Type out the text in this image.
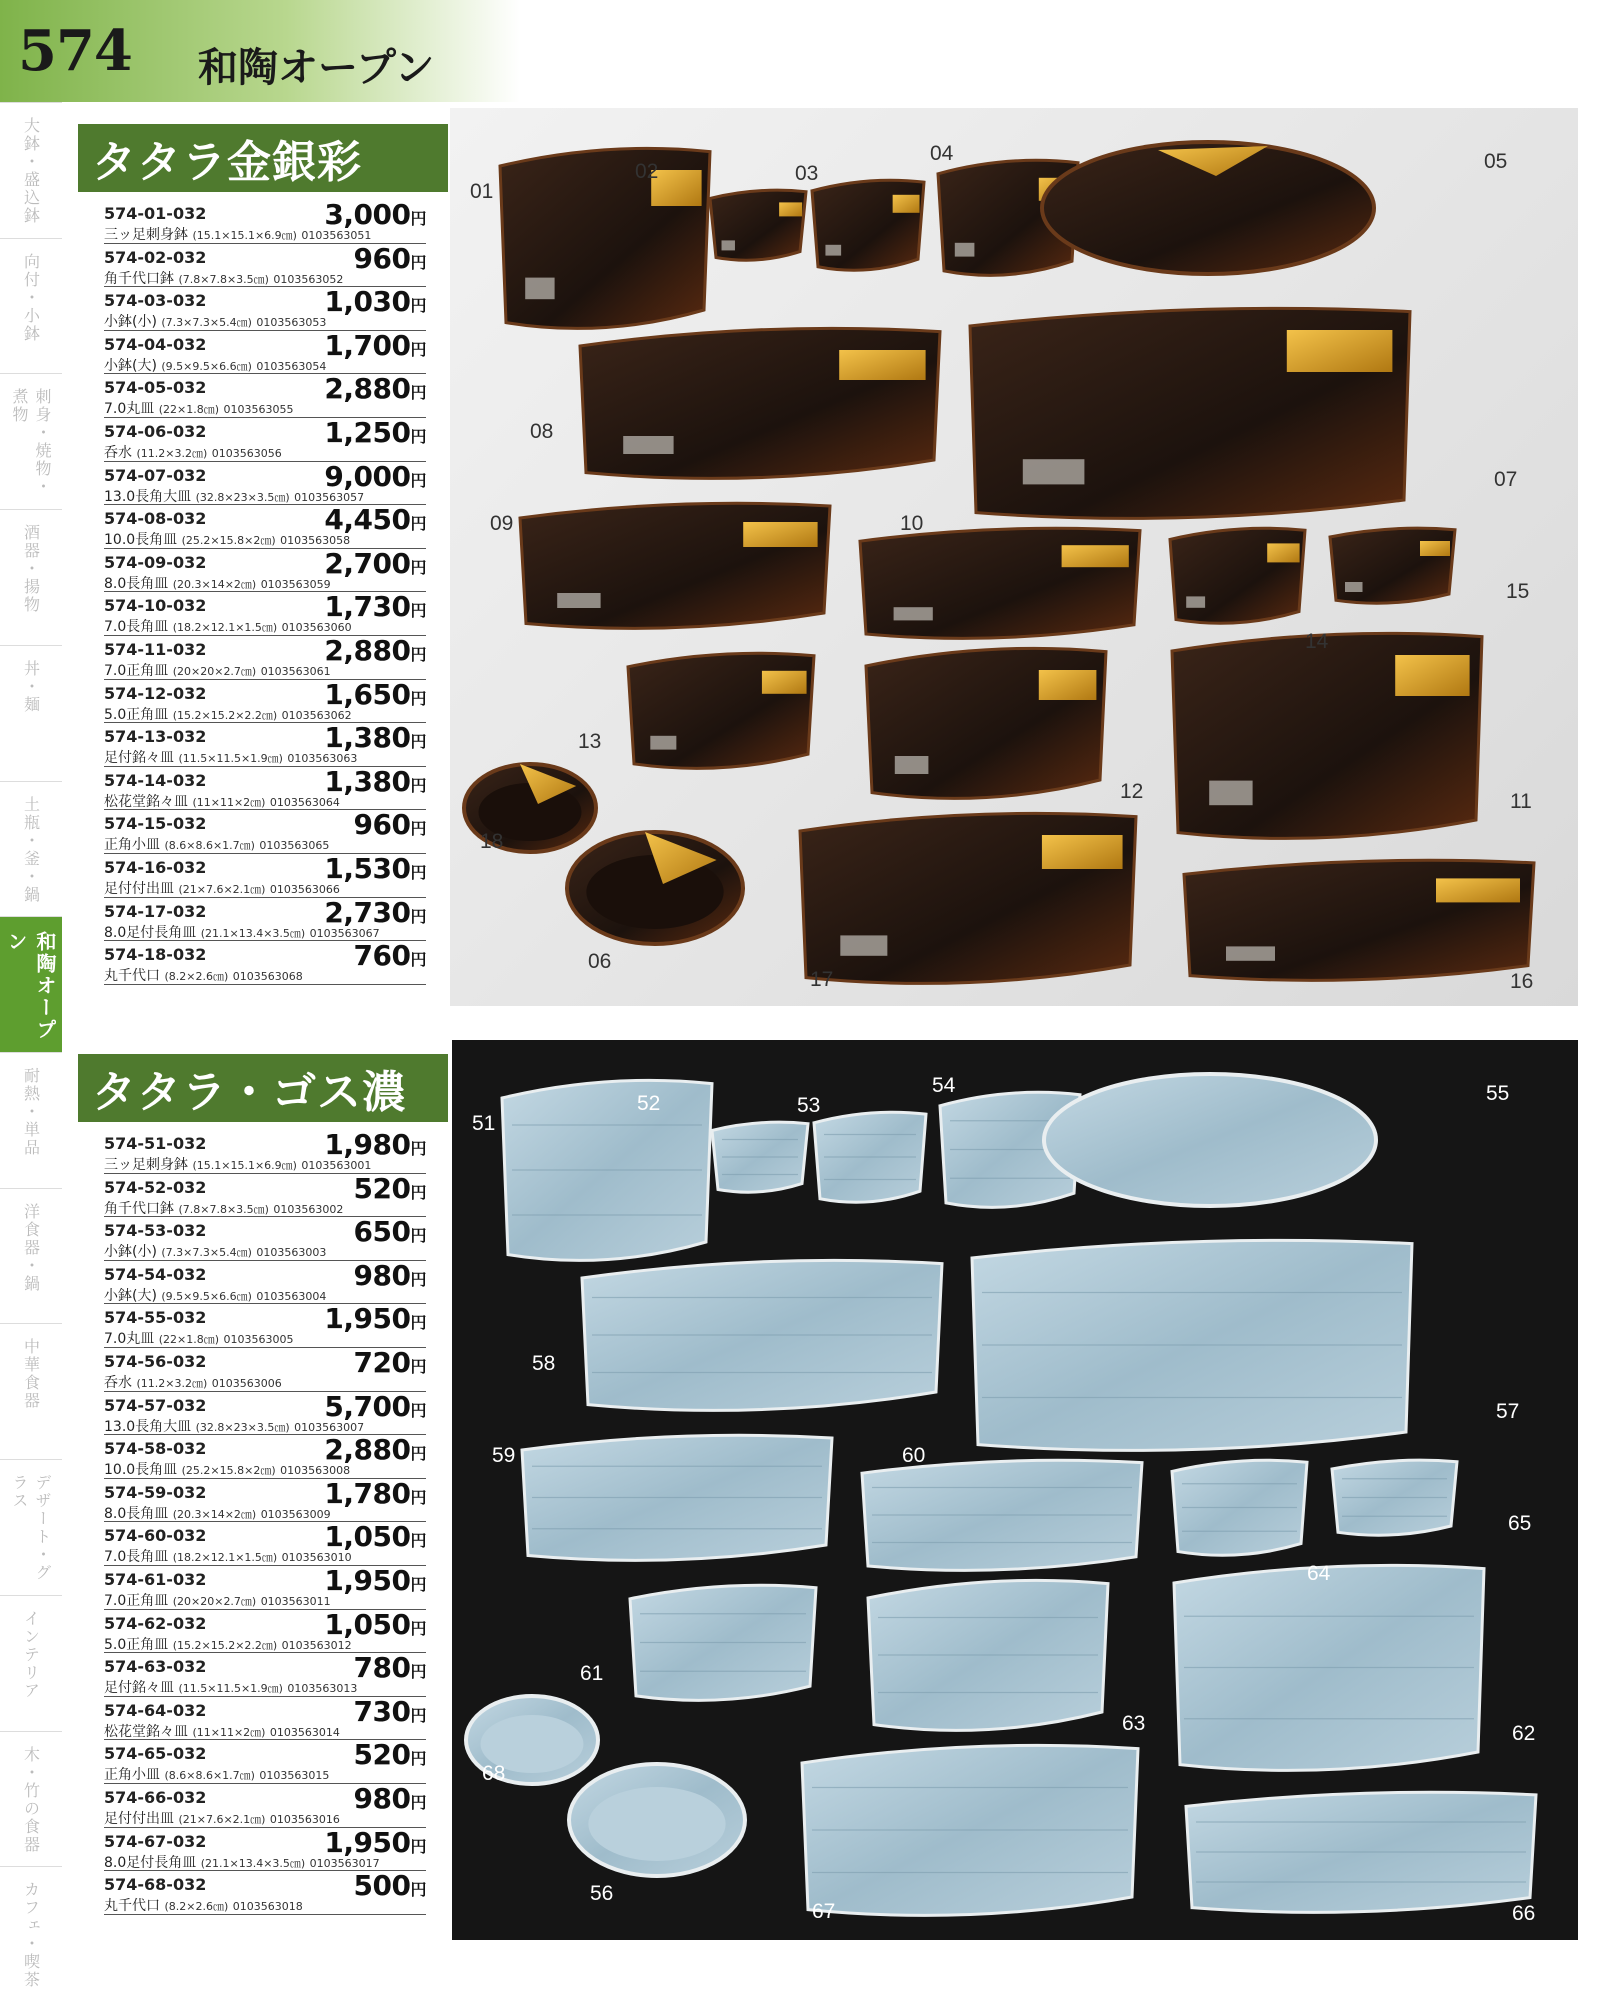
574 和陶オープン
大鉢・盛込鉢
向付・小鉢
刺身・焼物・煮物
酒器・揚物
丼・麺
土瓶・釜・鍋
和陶オープン
耐熱・単品
洋食器・鍋
中華食器
デザート・グラス
インテリア
木・竹の食器
カフェ・喫茶
タタラ金銀彩
574-01-032	3,000円
三ッ足刺身鉢 (15.1×15.1×6.9㎝) 0103563051
574-02-032	960円
角千代口鉢 (7.8×7.8×3.5㎝) 0103563052
574-03-032	1,030円
小鉢(小) (7.3×7.3×5.4㎝) 0103563053
574-04-032	1,700円
小鉢(大) (9.5×9.5×6.6㎝) 0103563054
574-05-032	2,880円
7.0丸皿 (22×1.8㎝) 0103563055
574-06-032	1,250円
呑水 (11.2×3.2㎝) 0103563056
574-07-032	9,000円
13.0長角大皿 (32.8×23×3.5㎝) 0103563057
574-08-032	4,450円
10.0長角皿 (25.2×15.8×2㎝) 0103563058
574-09-032	2,700円
8.0長角皿 (20.3×14×2㎝) 0103563059
574-10-032	1,730円
7.0長角皿 (18.2×12.1×1.5㎝) 0103563060
574-11-032	2,880円
7.0正角皿 (20×20×2.7㎝) 0103563061
574-12-032	1,650円
5.0正角皿 (15.2×15.2×2.2㎝) 0103563062
574-13-032	1,380円
足付銘々皿 (11.5×11.5×1.9㎝) 0103563063
574-14-032	1,380円
松花堂銘々皿 (11×11×2㎝) 0103563064
574-15-032	960円
正角小皿 (8.6×8.6×1.7㎝) 0103563065
574-16-032	1,530円
足付付出皿 (21×7.6×2.1㎝) 0103563066
574-17-032	2,730円
8.0足付長角皿 (21.1×13.4×3.5㎝) 0103563067
574-18-032	760円
丸千代口 (8.2×2.6㎝) 0103563068
タタラ・ゴス濃
574-51-032	1,980円
三ッ足刺身鉢 (15.1×15.1×6.9㎝) 0103563001
574-52-032	520円
角千代口鉢 (7.8×7.8×3.5㎝) 0103563002
574-53-032	650円
小鉢(小) (7.3×7.3×5.4㎝) 0103563003
574-54-032	980円
小鉢(大) (9.5×9.5×6.6㎝) 0103563004
574-55-032	1,950円
7.0丸皿 (22×1.8㎝) 0103563005
574-56-032	720円
呑水 (11.2×3.2㎝) 0103563006
574-57-032	5,700円
13.0長角大皿 (32.8×23×3.5㎝) 0103563007
574-58-032	2,880円
10.0長角皿 (25.2×15.8×2㎝) 0103563008
574-59-032	1,780円
8.0長角皿 (20.3×14×2㎝) 0103563009
574-60-032	1,050円
7.0長角皿 (18.2×12.1×1.5㎝) 0103563010
574-61-032	1,950円
7.0正角皿 (20×20×2.7㎝) 0103563011
574-62-032	1,050円
5.0正角皿 (15.2×15.2×2.2㎝) 0103563012
574-63-032	780円
足付銘々皿 (11.5×11.5×1.9㎝) 0103563013
574-64-032	730円
松花堂銘々皿 (11×11×2㎝) 0103563014
574-65-032	520円
正角小皿 (8.6×8.6×1.7㎝) 0103563015
574-66-032	980円
足付付出皿 (21×7.6×2.1㎝) 0103563016
574-67-032	1,950円
8.0足付長角皿 (21.1×13.4×3.5㎝) 0103563017
574-68-032	500円
丸千代口 (8.2×2.6㎝) 0103563018
01
02	03
04	05
08
07
09	10
15
14
13
12	11
18
06
17	16
51
52	53
54	55
58
57
59	60
65
64
61
63	62
68
56
67	66
